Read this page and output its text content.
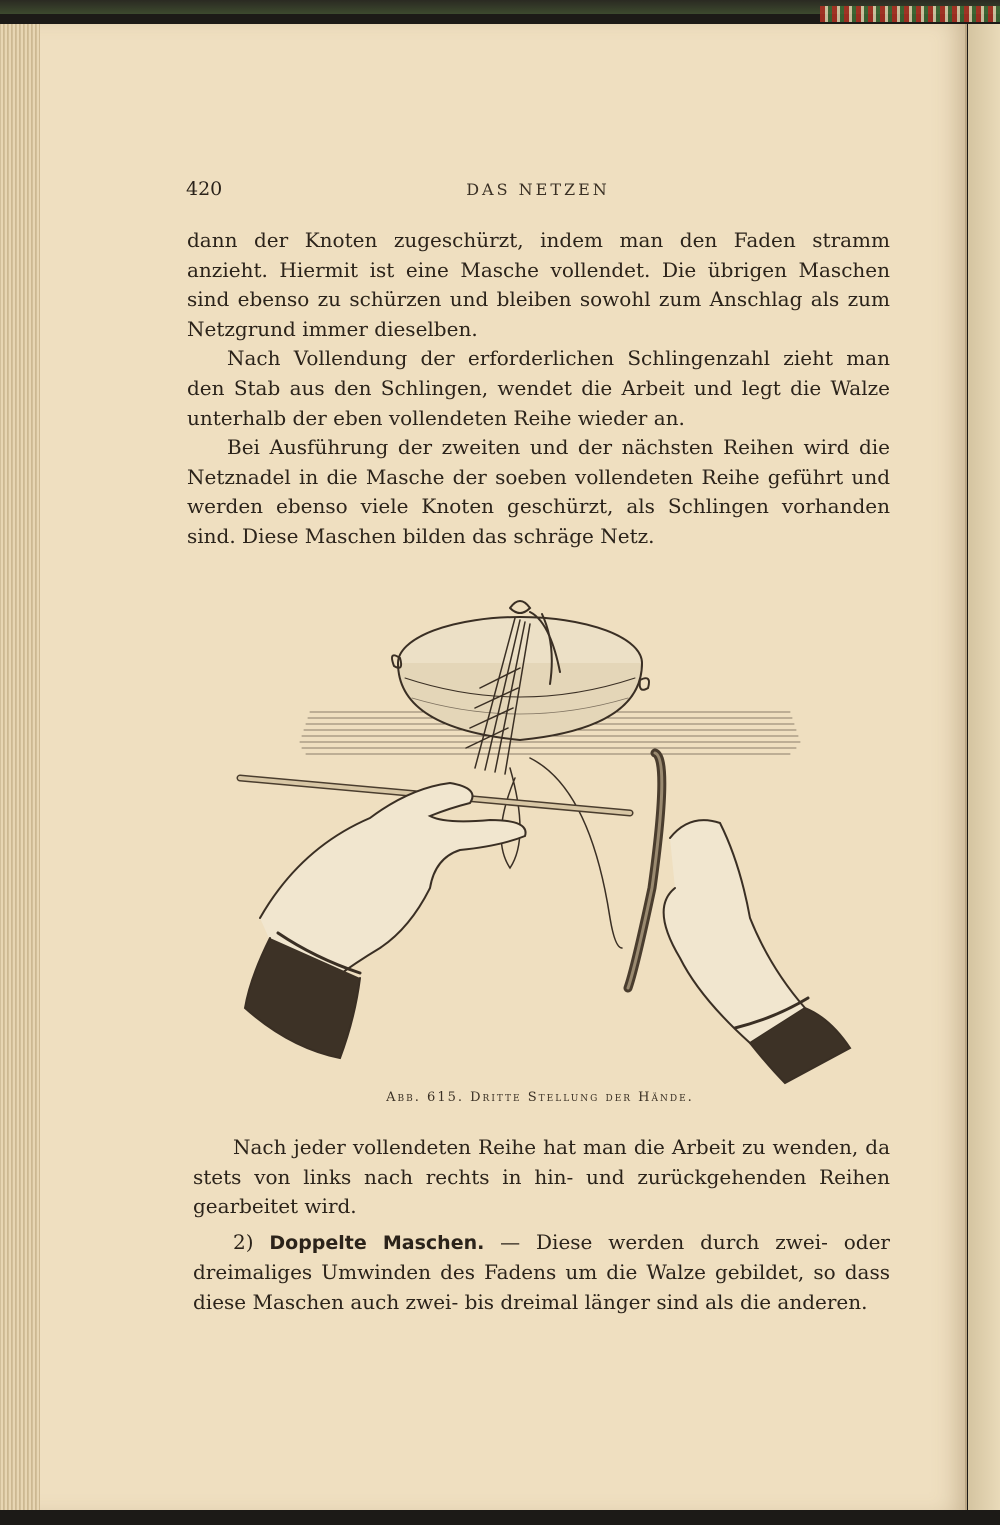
420	DAS NETZEN

dann der Knoten zugeschürzt, indem man den Faden stramm anzieht. Hiermit ist eine Masche vollendet. Die übrigen Maschen sind ebenso zu schürzen und bleiben sowohl zum Anschlag als zum Netzgrund immer dieselben.

Nach Vollendung der erforderlichen Schlingenzahl zieht man den Stab aus den Schlingen, wendet die Arbeit und legt die Walze unterhalb der eben vollendeten Reihe wieder an.

Bei Ausführung der zweiten und der nächsten Reihen wird die Netznadel in die Masche der soeben vollendeten Reihe geführt und werden ebenso viele Knoten geschürzt, als Schlingen vorhanden sind. Diese Maschen bilden das schräge Netz.

Abb. 615. Dritte Stellung der Hände.

Nach jeder vollendeten Reihe hat man die Arbeit zu wenden, da stets von links nach rechts in hin- und zurückgehenden Reihen gearbeitet wird.

2) Doppelte Maschen. — Diese werden durch zwei- oder dreimaliges Umwinden des Fadens um die Walze gebildet, so dass diese Maschen auch zwei- bis dreimal länger sind als die anderen.
